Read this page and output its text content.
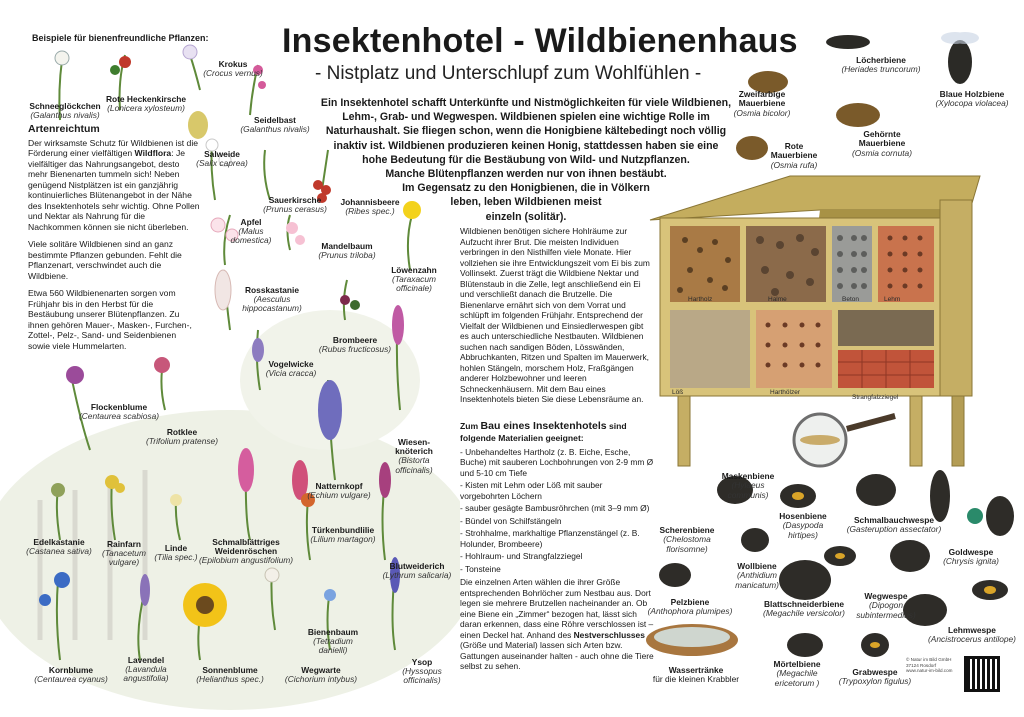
Insektenhotel - Wildbienenhaus
- Nistplatz und Unterschlupf zum Wohlfühlen -
Ein Insektenhotel schafft Unterkünfte und Nistmöglichkeiten für viele Wildbienen,
Lehm-, Grab- und Wegwespen. Wildbienen spielen eine wichtige Rolle im
Naturhaushalt. Sie fliegen schon, wenn die Honigbiene kältebedingt noch völlig
inaktiv ist. Wildbienen produzieren keinen Honig, stattdessen haben sie eine
hohe Bedeutung für die Bestäubung von Wild- und Nutzpflanzen.
Manche Blütenpflanzen werden nur von ihnen bestäubt.
Im Gegensatz zu den Honigbienen, die in Völkern
leben, leben Wildbienen meist
einzeln (solitär).
Beispiele für bienenfreundliche Pflanzen:
Artenreichtum

Der wirksamste Schutz für Wildbienen ist die Förderung einer vielfältigen Wildflora: Je vielfältiger das Nahrungsangebot, desto mehr Bienenarten tummeln sich! Neben genügend Nistplätzen ist ein ganzjährig kontinuierliches Blütenangebot in der Nähe des Insektenhotels sehr wichtig. Ohne Pollen und Nektar als Nahrung für die Nachkommen können sie nicht überleben.

Viele solitäre Wildbienen sind an ganz bestimmte Pflanzen gebunden. Fehlt die Pflanzenart, verschwindet auch die Wildbiene.

Etwa 560 Wildbienenarten sorgen vom Frühjahr bis in den Herbst für die Bestäubung unserer Blütenpflanzen. Zu ihnen gehören Mauer-, Masken-, Furchen-, Zottel-, Pelz-, Sand- und Seidenbienen sowie viele Hummelarten.

Schneeglöckchen
(Galanthus nivalis)
Rote Heckenkirsche
(Lonicera xylosteum)
Krokus
(Crocus vernus)
Seidelbast
(Galanthus nivalis)
Salweide
(Salix caprea)
Sauerkirsche
(Prunus cerasus)
Johannisbeere
(Ribes spec.)
Apfel
(Malus domestica)
Mandelbaum
(Prunus triloba)
Löwenzahn
(Taraxacum officinale)
Rosskastanie
(Aesculus hippocastanum)
Brombeere
(Rubus fructicosus)
Vogelwicke
(Vicia cracca)
Flockenblume
(Centaurea scabiosa)
Rotklee
(Trifolium pratense)	Wiesen-knöterich
(Bistorta officinalis)
Natternkopf
(Echium vulgare)
Edelkastanie
(Castanea sativa)
Rainfarn
(Tanacetum vulgare)
Linde
(Tilia spec.)
Schmalblättriges Weidenröschen
(Epilobium angustifolium)
Türkenbundlilie
(Lilium martagon)
Blutweiderich
(Lythrum salicaria)
Kornblume
(Centaurea cyanus)
Lavendel
(Lavandula angustifolia)
Sonnenblume
(Helianthus spec.)
Bienenbaum
(Tetradium danielli)
Wegwarte
(Cichorium intybus)
Ysop
(Hyssopus officinalis)

Wildbienen benötigen sichere Hohlräume zur Aufzucht ihrer Brut. Die meisten Individuen verbringen in den Nisthilfen viele Monate. Hier vollziehen sie ihre Entwicklungszeit vom Ei bis zum Vollinsekt. Zuerst trägt die Wildbiene Nektar und Blütenstaub in die Zelle, legt anschließend ein Ei und verschließt danach die Brutzelle. Die Bienenlarve ernährt sich von dem Vorrat und schlüpft im folgenden Frühjahr. Entsprechend der Vielfalt der Wildbienen und Einsiedlerwespen gibt es auch unterschiedliche Nestbauten. Wildbienen suchen nach sandigen Böden, Lösswänden, Abbruchkanten, Ritzen und Spalten im Mauerwerk, hohlen Stängeln, morschem Holz, Fraßgängen anderer Holzbewohner und leeren Schneckenhäusern. Mit dem Bau eines Insektenhotels bieten Sie diese Lebensräume an.

Zum Bau eines Insektenhotels sind folgende Materialien geeignet:
- Unbehandeltes Hartholz (z. B. Eiche, Esche, Buche) mit sauberen Lochbohrungen von 2-9 mm Ø und 5-10 cm Tiefe
- Kisten mit Lehm oder Löß mit sauber vorgebohrten Löchern
- sauber gesägte Bambusröhrchen (mit 3–9 mm Ø)
- Bündel von Schilfstängeln
- Strohhalme, markhaltige Pflanzenstängel (z. B. Holunder, Brombeere)
- Hohlraum- und Strangfalzziegel
- Tonsteine
Die einzelnen Arten wählen die ihrer Größe entsprechenden Bohrlöcher zum Nestbau aus. Dort legen sie mehrere Brutzellen nacheinander an. Ob eine Biene ein „Zimmer“ bezogen hat, lässt sich daran erkennen, dass eine Röhre verschlossen ist – einen Deckel hat. Anhand des Nestverschlusses (Größe und Material) lassen sich Arten bzw. Gattungen auseinander halten - auch ohne die Tiere selbst zu sehen.
Hartholz	Halme	Beton	Lehm
Löß	Harthölzer
Strangfalzziegel
Löcherbiene
(Heriades truncorum)
Zweifarbige Mauerbiene
(Osmia bicolor)
Blaue Holzbiene
(Xylocopa violacea)
Rote Mauerbiene
(Osmia rufa)
Gehörnte Mauerbiene
(Osmia cornuta)
Maskenbiene
(Hylaeus communis)
Hosenbiene
(Dasypoda hirtipes)
Schmalbauchwespe
(Gasteruption assectator)
Scherenbiene
(Chelostoma florisomne)
Wollbiene
(Anthidium manicatum)
Goldwespe
(Chrysis ignita)
Pelzbiene
(Anthophora plumipes)
Blattschneiderbiene
(Megachile versicolor)
Wegwespe
(Dipogon subintermedius)
Lehmwespe
(Ancistrocerus antilope)
Mörtelbiene
(Megachile ericetorum )
Grabwespe
(Trypoxylon figulus)
Wassertränke
für die kleinen Krabbler
© Natur im Bild GmbH 37124 Rosdorf www.natur-im-bild.com
